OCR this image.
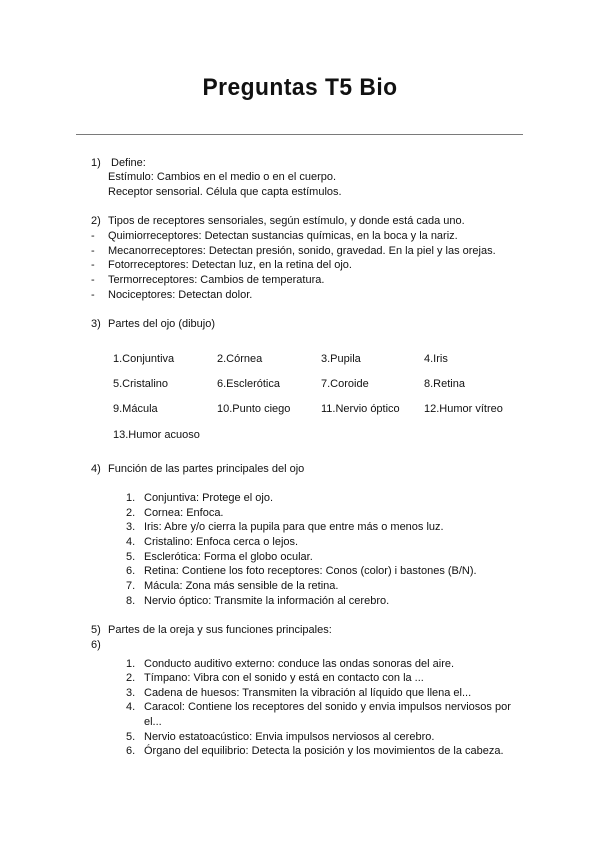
Preguntas T5 Bio
1) Define:
Estímulo: Cambios en el medio o en el cuerpo.
Receptor sensorial. Célula que capta estímulos.
2) Tipos de receptores sensoriales, según estímulo, y donde está cada uno.
- Quimiorreceptores: Detectan sustancias químicas, en la boca y la nariz.
- Mecanorreceptores: Detectan presión, sonido, gravedad. En la piel y las orejas.
- Fotorreceptores: Detectan luz, en la retina del ojo.
- Termorreceptores: Cambios de temperatura.
- Nociceptores: Detectan dolor.
3) Partes del ojo (dibujo)
1.Conjuntiva	2.Córnea	3.Pupila	4.Iris
5.Cristalino	6.Esclerótica	7.Coroide	8.Retina
9.Mácula	10.Punto ciego	11.Nervio óptico 12.Humor vítreo
13.Humor acuoso
4) Función de las partes principales del ojo
1. Conjuntiva: Protege el ojo.
2. Cornea: Enfoca.
3. Iris: Abre y/o cierra la pupila para que entre más o menos luz.
4. Cristalino: Enfoca cerca o lejos.
5. Esclerótica: Forma el globo ocular.
6. Retina: Contiene los foto receptores: Conos (color) i bastones (B/N).
7. Mácula: Zona más sensible de la retina.
8. Nervio óptico: Transmite la información al cerebro.
5) Partes de la oreja y sus funciones principales:
6)
1. Conducto auditivo externo: conduce las ondas sonoras del aire.
2. Tímpano: Vibra con el sonido y está en contacto con la ...
3. Cadena de huesos: Transmiten la vibración al líquido que llena el...
4. Caracol: Contiene los receptores del sonido y envia impulsos nerviosos por
el...
5. Nervio estatoacústico: Envia impulsos nerviosos al cerebro.
6. Órgano del equilibrio: Detecta la posición y los movimientos de la cabeza.
